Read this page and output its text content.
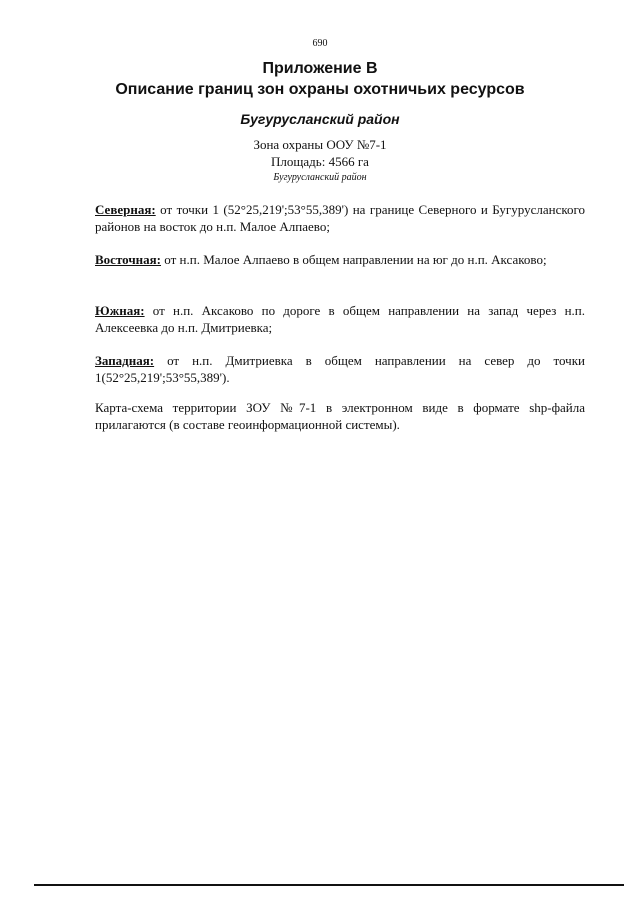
690
Приложение В
Описание границ зон охраны охотничьих ресурсов
Бугурусланский район
Зона охраны ООУ №7-1
Площадь: 4566 га
Бугурусланский район
Северная: от точки 1 (52°25,219';53°55,389') на границе Северного и Бугурусланского районов на восток до н.п. Малое Алпаево;
Восточная: от н.п. Малое Алпаево в общем направлении на юг до н.п. Аксаково;
Южная: от н.п. Аксаково по дороге в общем направлении на запад через н.п. Алексеевка до н.п. Дмитриевка;
Западная: от н.п. Дмитриевка в общем направлении на север до точки 1(52°25,219';53°55,389').
Карта-схема территории ЗОУ №7-1 в электронном виде в формате shp-файла прилагаются (в составе геоинформационной системы).
